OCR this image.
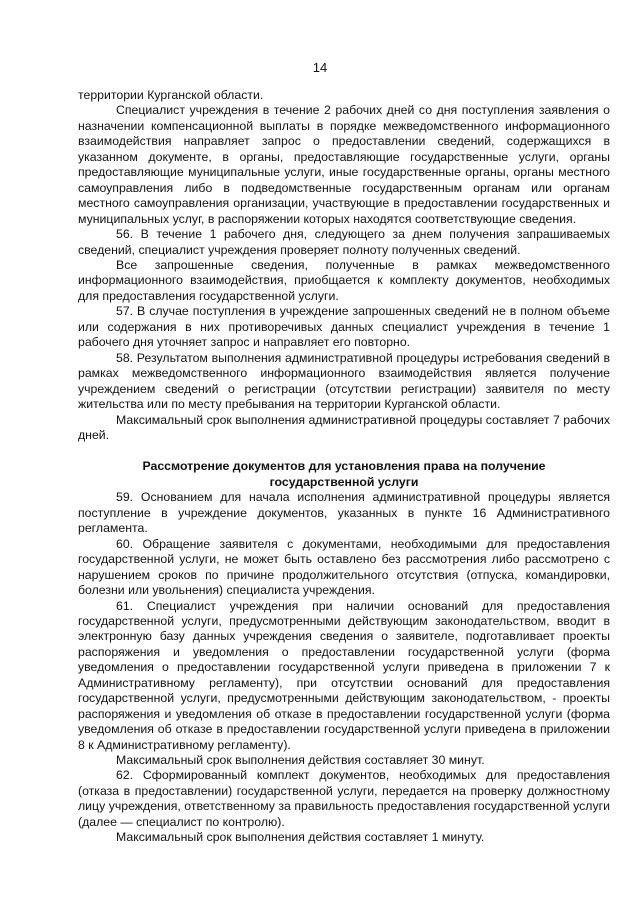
14

территории Курганской области.

Специалист учреждения в течение 2 рабочих дней со дня поступления заявления о назначении компенсационной выплаты в порядке межведомственного информационного взаимодействия направляет запрос о предоставлении сведений, содержащихся в указанном документе, в органы, предоставляющие государственные услуги, органы предоставляющие муниципальные услуги, иные государственные органы, органы местного самоуправления либо в подведомственные государственным органам или органам местного самоуправления организации, участвующие в предоставлении государственных и муниципальных услуг, в распоряжении которых находятся соответствующие сведения.

56. В течение 1 рабочего дня, следующего за днем получения запрашиваемых сведений, специалист учреждения проверяет полноту полученных сведений.

Все запрошенные сведения, полученные в рамках межведомственного информационного взаимодействия, приобщается к комплекту документов, необходимых для предоставления государственной услуги.

57. В случае поступления в учреждение запрошенных сведений не в полном объеме или содержания в них противоречивых данных специалист учреждения в течение 1 рабочего дня уточняет запрос и направляет его повторно.

58. Результатом выполнения административной процедуры истребования сведений в рамках межведомственного информационного взаимодействия является получение учреждением сведений о регистрации (отсутствии регистрации) заявителя по месту жительства или по месту пребывания на территории Курганской области.

Максимальный срок выполнения административной процедуры составляет 7 рабочих дней.

Рассмотрение документов для установления права на получение
государственной услуги

59. Основанием для начала исполнения административной процедуры является поступление в учреждение документов, указанных в пункте 16 Административного регламента.

60. Обращение заявителя с документами, необходимыми для предоставления государственной услуги, не может быть оставлено без рассмотрения либо рассмотрено с нарушением сроков по причине продолжительного отсутствия (отпуска, командировки, болезни или увольнения) специалиста учреждения.

61. Специалист учреждения при наличии оснований для предоставления государственной услуги, предусмотренными действующим законодательством, вводит в электронную базу данных учреждения сведения о заявителе, подготавливает проекты распоряжения и уведомления о предоставлении государственной услуги (форма уведомления о предоставлении государственной услуги приведена в приложении 7 к Административному регламенту), при отсутствии оснований для предоставления государственной услуги, предусмотренными действующим законодательством, - проекты распоряжения и уведомления об отказе в предоставлении государственной услуги (форма уведомления об отказе в предоставлении государственной услуги приведена в приложении 8 к Административному регламенту).

Максимальный срок выполнения действия составляет 30 минут.

62. Сформированный комплект документов, необходимых для предоставления (отказа в предоставлении) государственной услуги, передается на проверку должностному лицу учреждения, ответственному за правильность предоставления государственной услуги (далее — специалист по контролю).

Максимальный срок выполнения действия составляет 1 минуту.
